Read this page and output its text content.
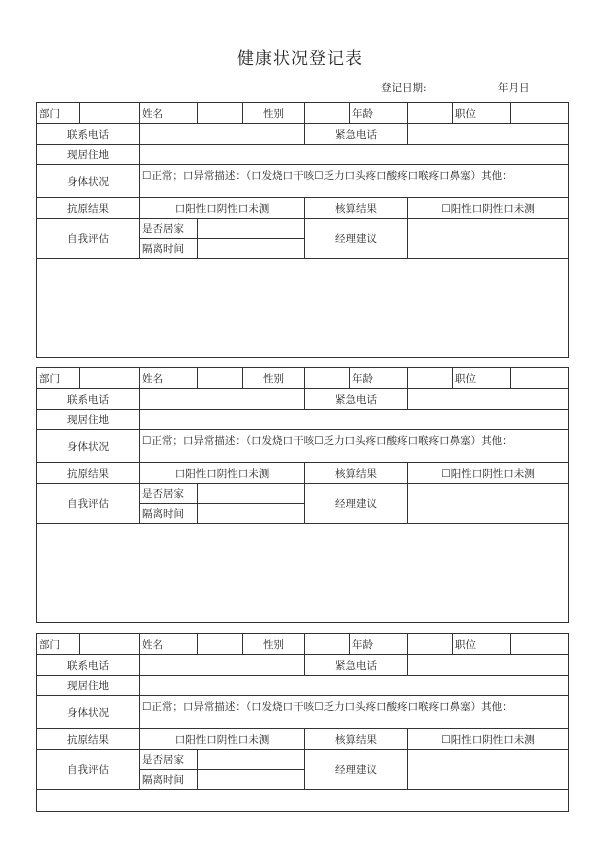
健康状况登记表
登记日期:	年月日
部门		姓名		性别		年龄		职位	
联系电话					紧急电话				
现居住地									
身体状况		☐正常；口异常描述：（口发烧口干咳☐乏力口头疼口酸疼口喉疼口鼻塞）其他：							
抗原结果		口阳性口阴性口未测			核算结果		☐阳性口阴性口未测		
自我评估		是否居家			经理建议				
		隔离时间							

部门		姓名		性别		年龄		职位	
联系电话					紧急电话				
现居住地									
身体状况		☐正常；口异常描述：（口发烧口干咳☐乏力口头疼口酸疼口喉疼口鼻塞）其他：							
抗原结果		口阳性口阴性口未测			核算结果		☐阳性口阴性口未测		
自我评估		是否居家			经理建议				
		隔离时间							

部门		姓名		性别		年龄		职位	
联系电话					紧急电话				
现居住地									
身体状况		☐正常；口异常描述：（口发烧口干咳☐乏力口头疼口酸疼口喉疼口鼻塞）其他：							
抗原结果		口阳性口阴性口未测			核算结果		☐阳性口阴性口未测		
自我评估		是否居家			经理建议				
		隔离时间							
